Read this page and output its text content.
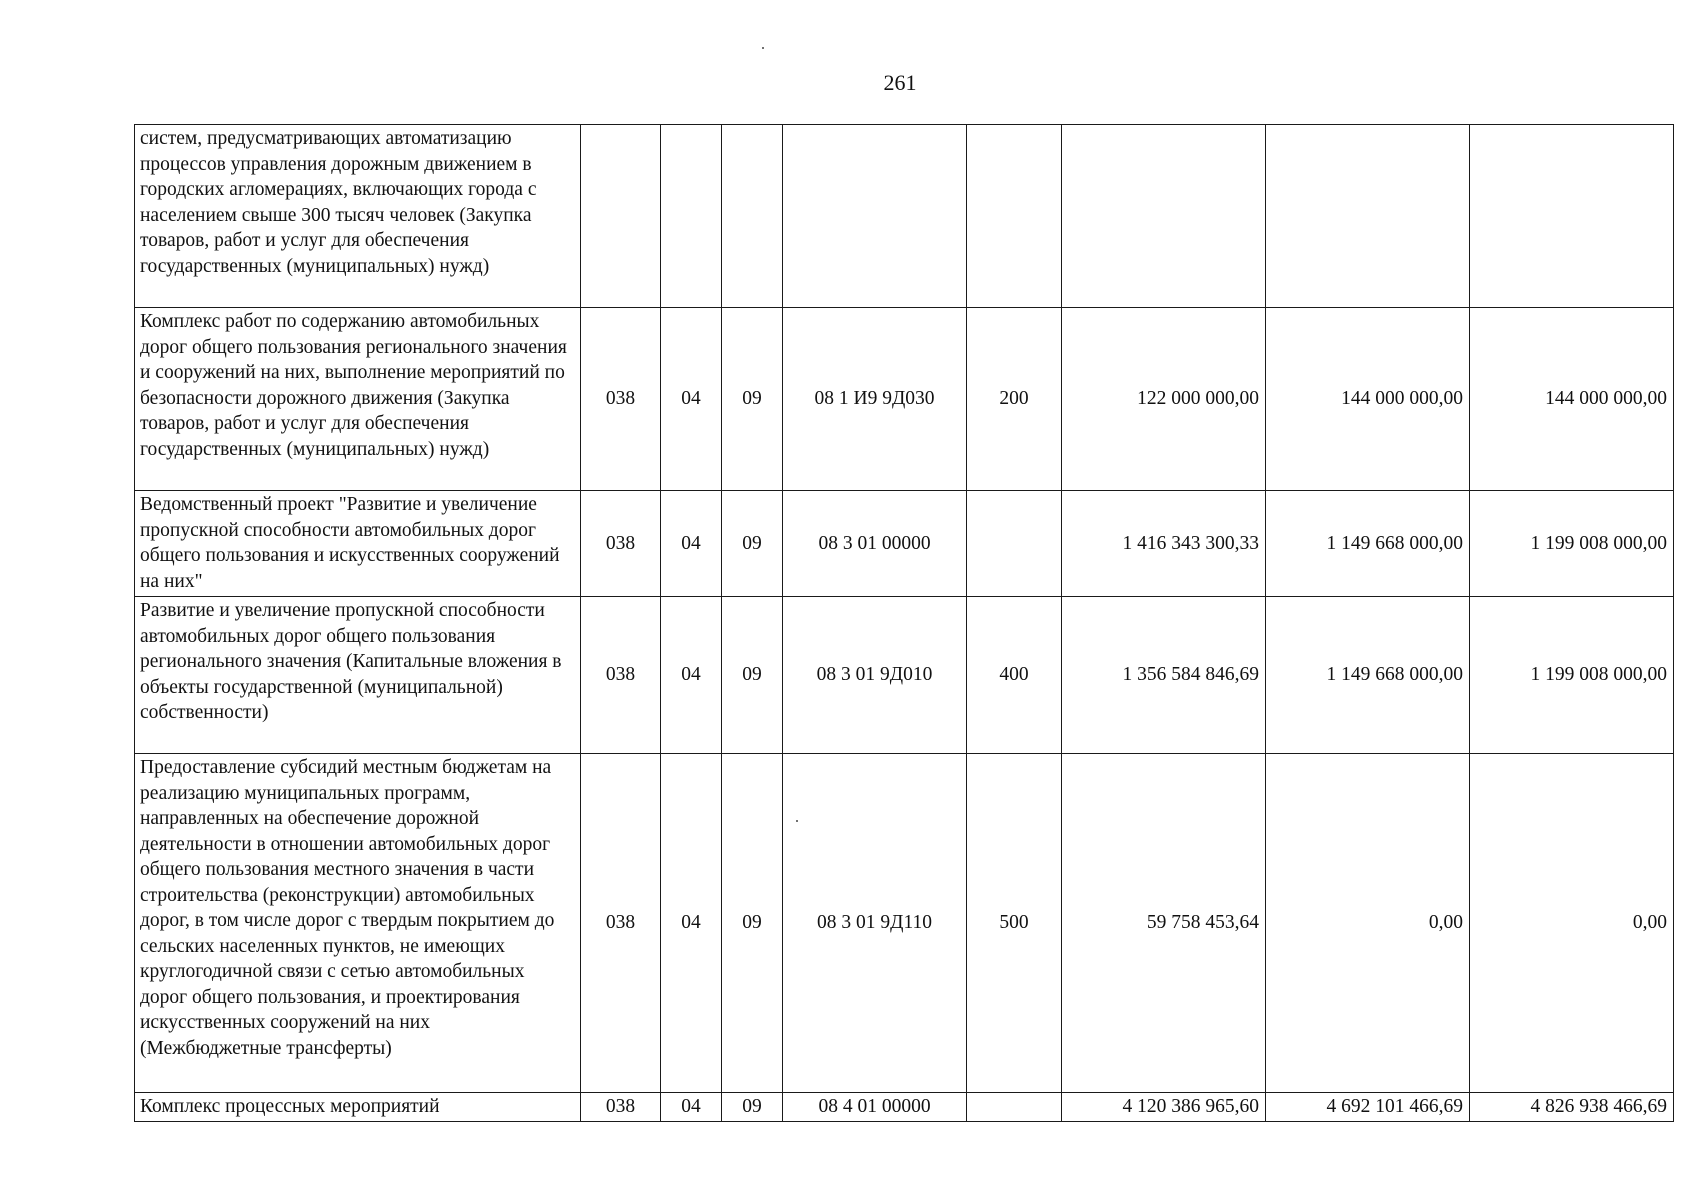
261
систем, предусматривающих автоматизацию процессов управления дорожным движением в городских агломерациях, включающих города с населением свыше 300 тысяч человек (Закупка товаров, работ и услуг для обеспечения государственных (муниципальных) нужд)								
Комплекс работ по содержанию автомобильных дорог общего пользования регионального значения и сооружений на них, выполнение мероприятий по безопасности дорожного движения (Закупка товаров, работ и услуг для обеспечения государственных (муниципальных) нужд)	038	04	09	08 1 И9 9Д030	200	122 000 000,00	144 000 000,00	144 000 000,00
Ведомственный проект "Развитие и увеличение пропускной способности автомобильных дорог общего пользования и искусственных сооружений на них"	038	04	09	08 3 01 00000		1 416 343 300,33	1 149 668 000,00	1 199 008 000,00
Развитие и увеличение пропускной способности автомобильных дорог общего пользования регионального значения (Капитальные вложения в объекты государственной (муниципальной) собственности)	038	04	09	08 3 01 9Д010	400	1 356 584 846,69	1 149 668 000,00	1 199 008 000,00
Предоставление субсидий местным бюджетам на реализацию муниципальных программ, направленных на обеспечение дорожной деятельности в отношении автомобильных дорог общего пользования местного значения в части строительства (реконструкции) автомобильных дорог, в том числе дорог с твердым покрытием до сельских населенных пунктов, не имеющих круглогодичной связи с сетью автомобильных дорог общего пользования, и проектирования искусственных сооружений на них (Межбюджетные трансферты)	038	04	09	08 3 01 9Д110	500	59 758 453,64	0,00	0,00
Комплекс процессных мероприятий	038	04	09	08 4 01 00000		4 120 386 965,60	4 692 101 466,69	4 826 938 466,69
